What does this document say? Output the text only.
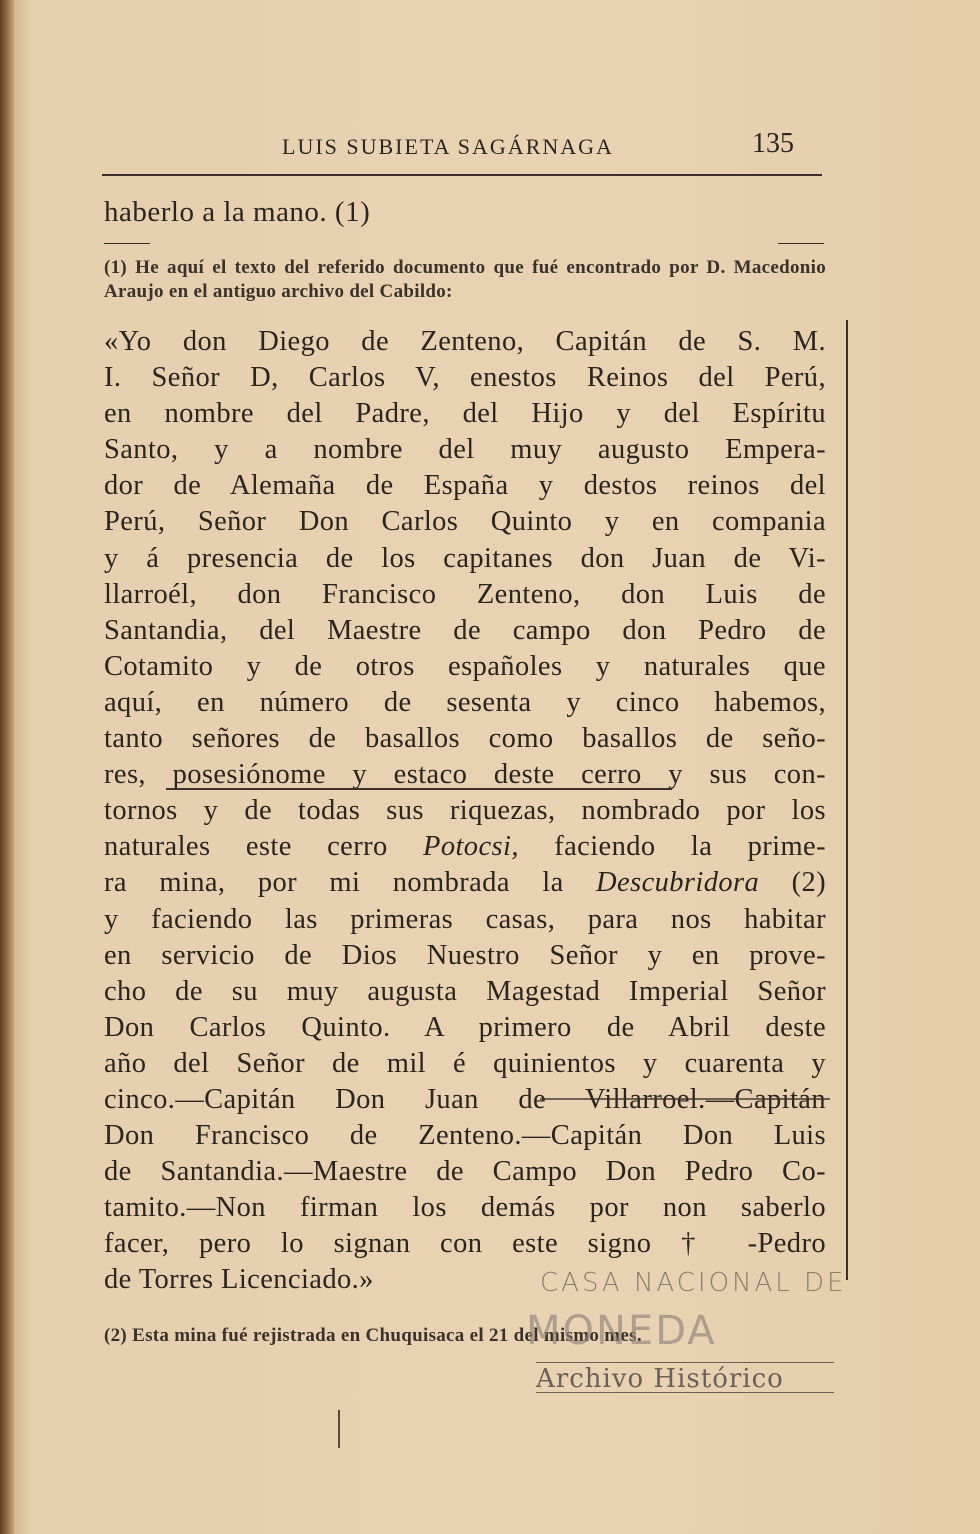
LUIS SUBIETA SAGÁRNAGA	135
haberlo a la mano. (1)
(1) He aquí el texto del referido documento que fué encontrado por D. Macedonio Araujo en el antiguo archivo del Cabildo:
«Yo don Diego de Zenteno, Capitán de S. M.
I. Señor D, Carlos V, enestos Reinos del Perú,
en nombre del Padre, del Hijo y del Espíritu
Santo, y a nombre del muy augusto Empera-
dor de Alemaña de España y destos reinos del
Perú, Señor Don Carlos Quinto y en compania
y á presencia de los capitanes don Juan de Vi-
llarroél, don Francisco Zenteno, don Luis de
Santandia, del Maestre de campo don Pedro de
Cotamito y de otros españoles y naturales que
aquí, en número de sesenta y cinco habemos,
tanto señores de basallos como basallos de seño-
res, posesiónome y estaco deste cerro y sus con-
tornos y de todas sus riquezas, nombrado por los
naturales este cerro Potocsi, faciendo la prime-
ra mina, por mi nombrada la Descubridora (2)
y faciendo las primeras casas, para nos habitar
en servicio de Dios Nuestro Señor y en prove-
cho de su muy augusta Magestad Imperial Señor
Don Carlos Quinto. A primero de Abril deste
año del Señor de mil é quinientos y cuarenta y
cinco.—Capitán Don Juan de Villarroel.—Capitán
Don Francisco de Zenteno.—Capitán Don Luis
de Santandia.—Maestre de Campo Don Pedro Co-
tamito.—Non firman los demás por non saberlo
facer, pero lo signan con este signo † -Pedro
de Torres Licenciado.»
(2) Esta mina fué rejistrada en Chuquisaca el 21 del mismo mes.
CASA NACIONAL DE
MONEDA
Archivo Histórico
